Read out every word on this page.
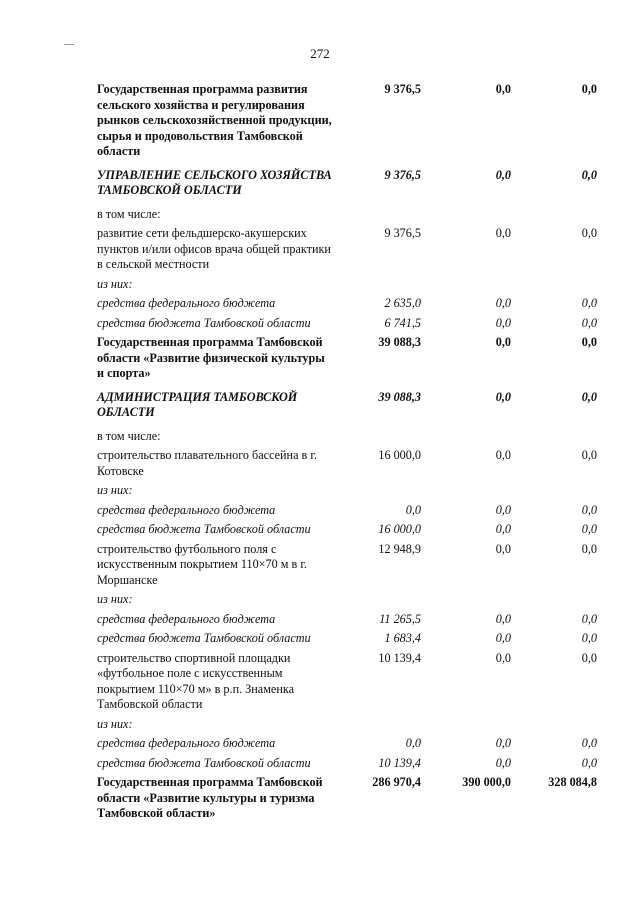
272
Государственная программа развития сельского хозяйства и регулирования рынков сельскохозяйственной продукции, сырья и продовольствия Тамбовской области
9 376,5	0,0	0,0
УПРАВЛЕНИЕ СЕЛЬСКОГО ХОЗЯЙСТВА ТАМБОВСКОЙ ОБЛАСТИ
9 376,5	0,0	0,0
в том числе:
развитие сети фельдшерско-акушерских пунктов и/или офисов врача общей практики в сельской местности
9 376,5	0,0	0,0
из них:
средства федерального бюджета	2 635,0	0,0	0,0
средства бюджета Тамбовской области	6 741,5	0,0	0,0
Государственная программа Тамбовской области «Развитие физической культуры и спорта»
39 088,3	0,0	0,0
АДМИНИСТРАЦИЯ ТАМБОВСКОЙ ОБЛАСТИ
39 088,3	0,0	0,0
в том числе:
строительство плавательного бассейна в г. Котовске
16 000,0	0,0	0,0
из них:
средства федерального бюджета	0,0	0,0	0,0
средства бюджета Тамбовской области	16 000,0	0,0	0,0
строительство футбольного поля с искусственным покрытием 110×70 м в г. Моршанске
12 948,9	0,0	0,0
из них:
средства федерального бюджета	11 265,5	0,0	0,0
средства бюджета Тамбовской области	1 683,4	0,0	0,0
строительство спортивной площадки «футбольное поле с искусственным покрытием 110×70 м» в р.п. Знаменка Тамбовской области
10 139,4	0,0	0,0
из них:
средства федерального бюджета	0,0	0,0	0,0
средства бюджета Тамбовской области	10 139,4	0,0	0,0
Государственная программа Тамбовской области «Развитие культуры и туризма Тамбовской области»
286 970,4	390 000,0	328 084,8
